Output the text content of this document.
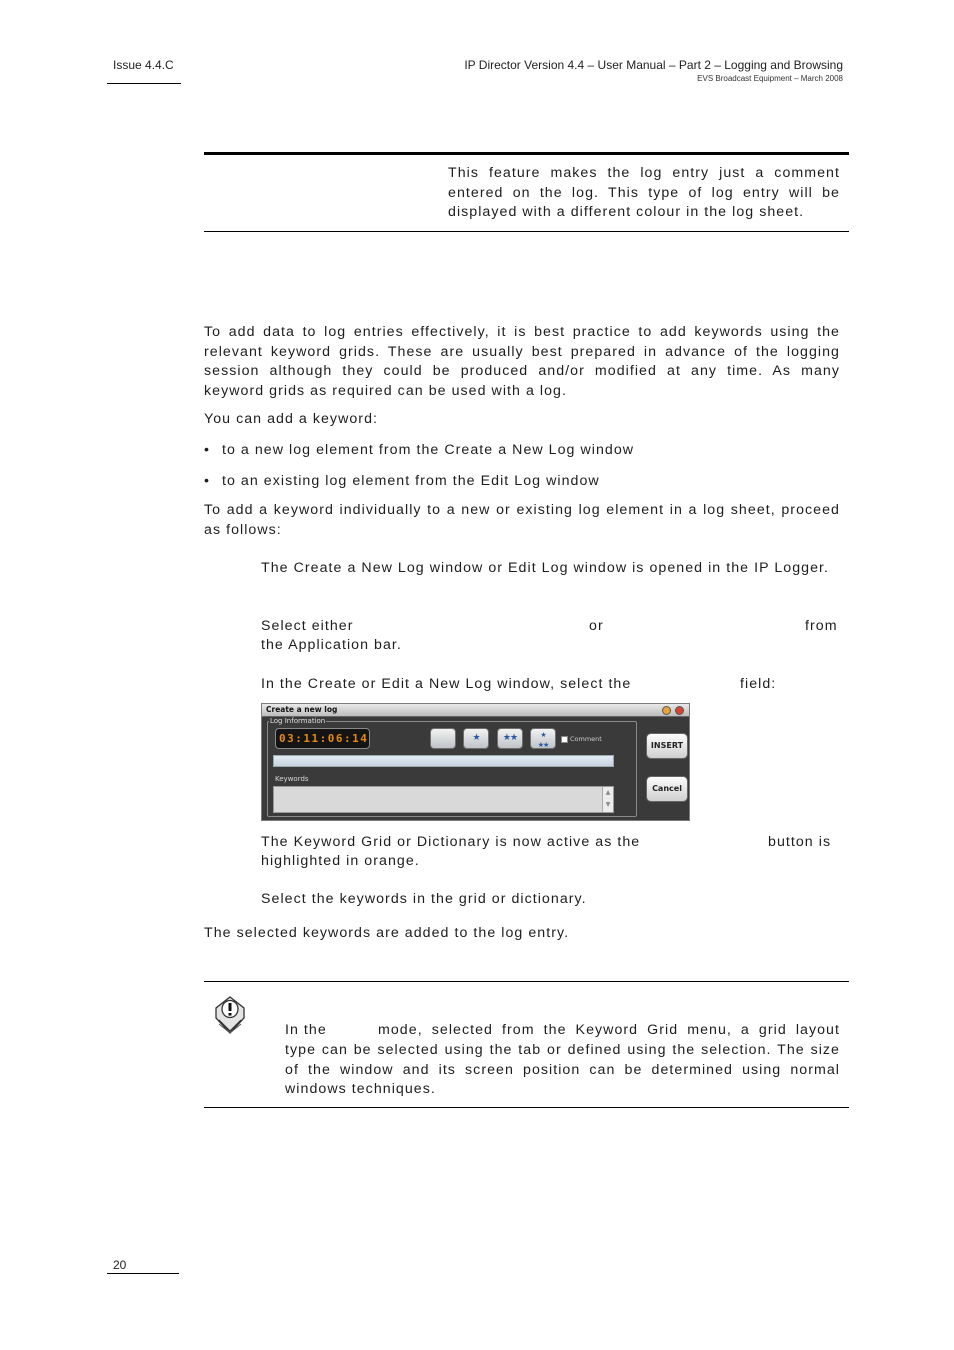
Issue 4.4.C	IP Director Version 4.4 – User Manual – Part 2 – Logging and Browsing
EVS Broadcast Equipment – March 2008
This feature makes the log entry just a comment entered on the log. This type of log entry will be displayed with a different colour in the log sheet.
To add data to log entries effectively, it is best practice to add keywords using the relevant keyword grids. These are usually best prepared in advance of the logging session although they could be produced and/or modified at any time. As many keyword grids as required can be used with a log.
You can add a keyword:
• to a new log element from the Create a New Log window
• to an existing log element from the Edit Log window
To add a keyword individually to a new or existing log element in a log sheet, proceed as follows:
The Create a New Log window or Edit Log window is opened in the IP Logger.
Select either	or	from
the Application bar.
In the Create or Edit a New Log window, select the	field:
Create a new log
Log Information
03:11:06:14	★	★★	★
★★
Comment
Keywords
▲
▼
INSERT
Cancel
The Keyword Grid or Dictionary is now active as the	button is
highlighted in orange.
Select the keywords in the grid or dictionary.
The selected keywords are added to the log entry.
In the	mode, selected from the Keyword Grid menu, a grid layout
type can be selected using the tab or defined using the selection. The size of the window and its screen position can be determined using normal windows techniques.
20
